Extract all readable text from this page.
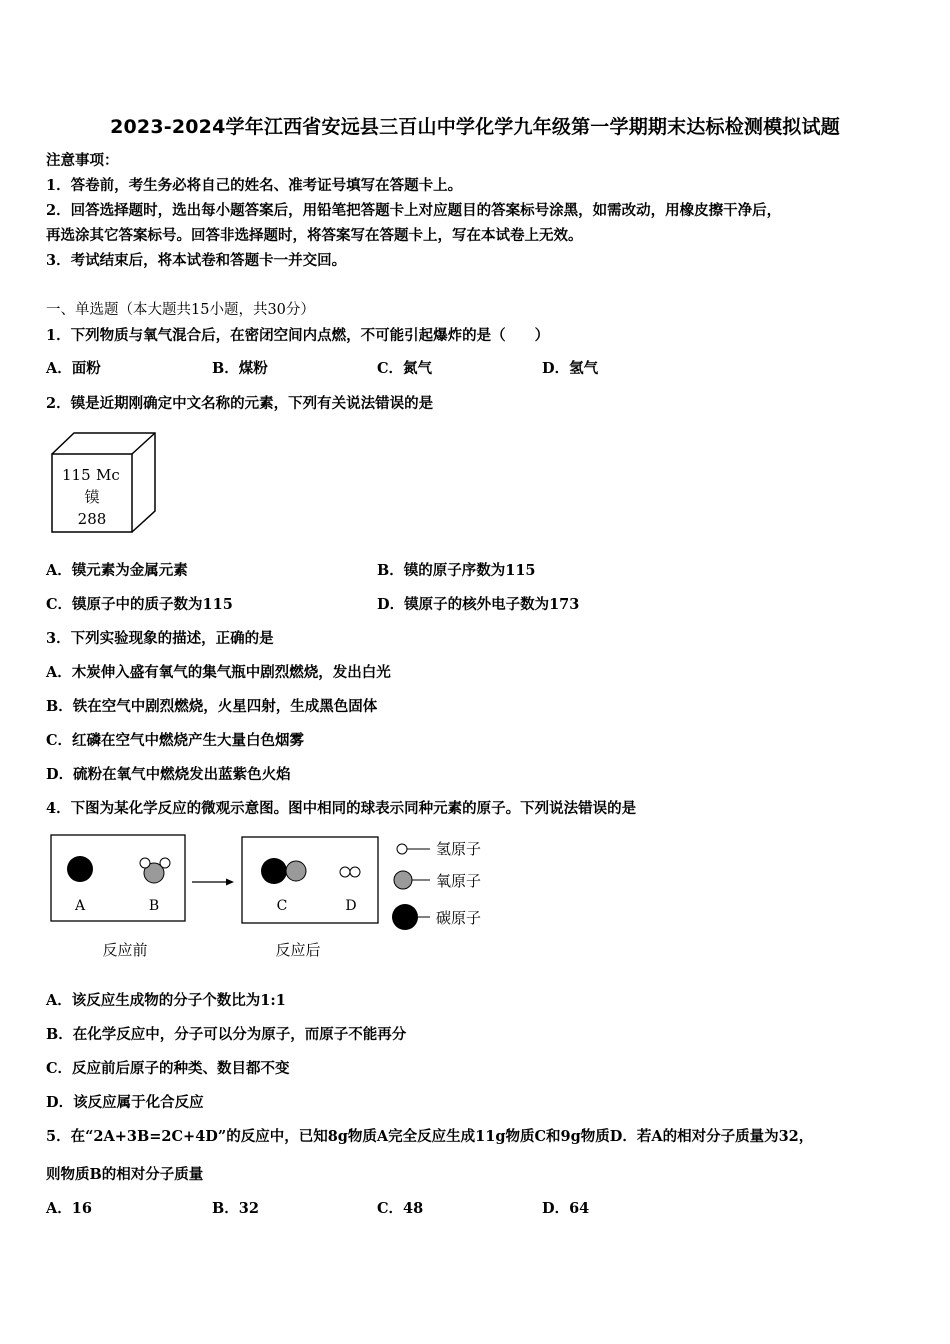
2023-2024学年江西省安远县三百山中学化学九年级第一学期期末达标检测模拟试题
注意事项：
1．答卷前，考生务必将自己的姓名、准考证号填写在答题卡上。
2．回答选择题时，选出每小题答案后，用铅笔把答题卡上对应题目的答案标号涂黑，如需改动，用橡皮擦干净后，
再选涂其它答案标号。回答非选择题时，将答案写在答题卡上，写在本试卷上无效。
3．考试结束后，将本试卷和答题卡一并交回。
一、单选题（本大题共15小题，共30分）
1．下列物质与氧气混合后，在密闭空间内点燃，不可能引起爆炸的是（　　）
A．面粉	B．煤粉	C．氮气	D．氢气
2．镆是近期刚确定中文名称的元素，下列有关说法错误的是
115 Mc
镆
288
A．镆元素为金属元素	B．镆的原子序数为115
C．镆原子中的质子数为115	D．镆原子的核外电子数为173
3．下列实验现象的描述，正确的是
A．木炭伸入盛有氧气的集气瓶中剧烈燃烧，发出白光
B．铁在空气中剧烈燃烧，火星四射，生成黑色固体
C．红磷在空气中燃烧产生大量白色烟雾
D．硫粉在氧气中燃烧发出蓝紫色火焰
4．下图为某化学反应的微观示意图。图中相同的球表示同种元素的原子。下列说法错误的是
A	B	C	D
反应前	反应后
氢原子
氧原子
碳原子
A．该反应生成物的分子个数比为1:1
B．在化学反应中，分子可以分为原子，而原子不能再分
C．反应前后原子的种类、数目都不变
D．该反应属于化合反应
5．在“2A+3B=2C+4D”的反应中，已知8g物质A完全反应生成11g物质C和9g物质D．若A的相对分子质量为32，
则物质B的相对分子质量
A．16	B．32	C．48	D．64
